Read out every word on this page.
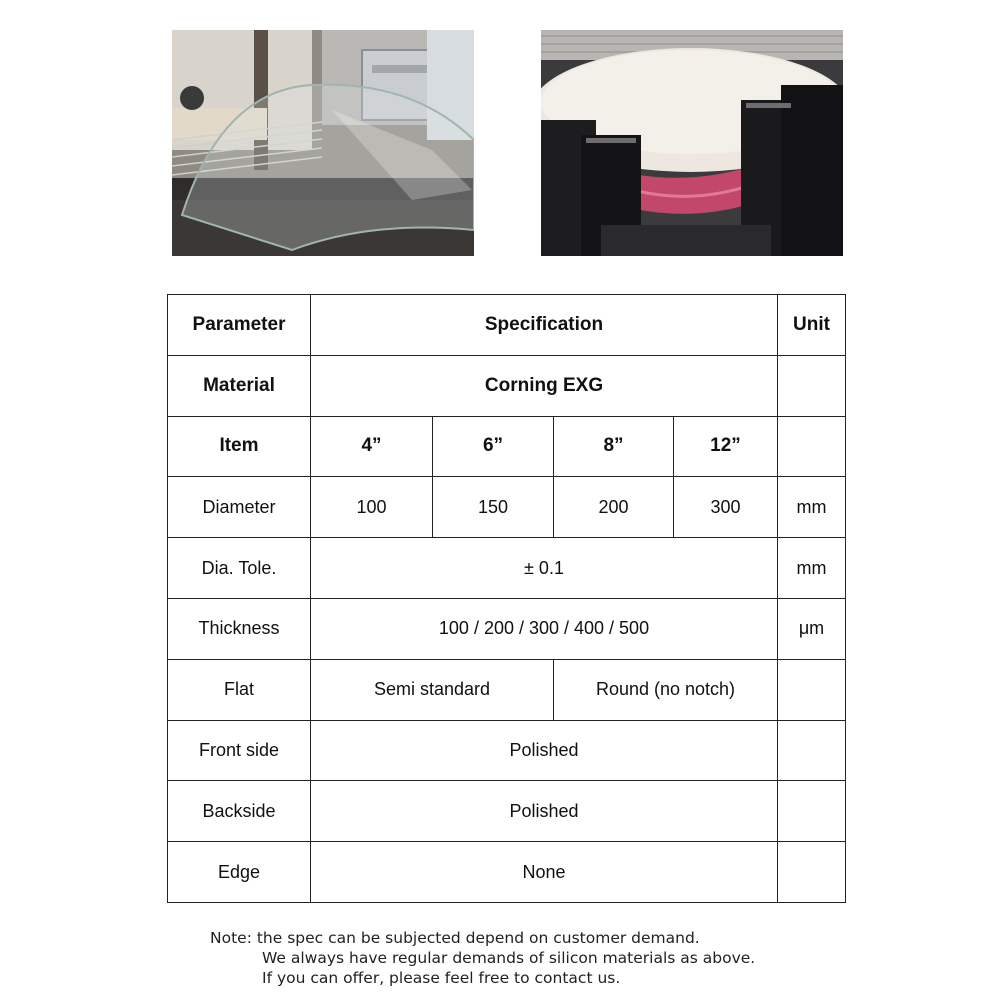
Parameter	Specification				Unit
Material	Corning EXG				
Item	4”	6”	8”	12”	
Diameter	100	150	200	300	mm
Dia. Tole.	± 0.1				mm
Thickness	100 / 200 / 300 / 400 / 500				μm
Flat	Semi standard		Round (no notch)		
Front side	Polished				
Backside	Polished				
Edge	None				
Note: the spec can be subjected depend on customer demand.
We always have regular demands of silicon materials as above.
If you can offer, please feel free to contact us.
